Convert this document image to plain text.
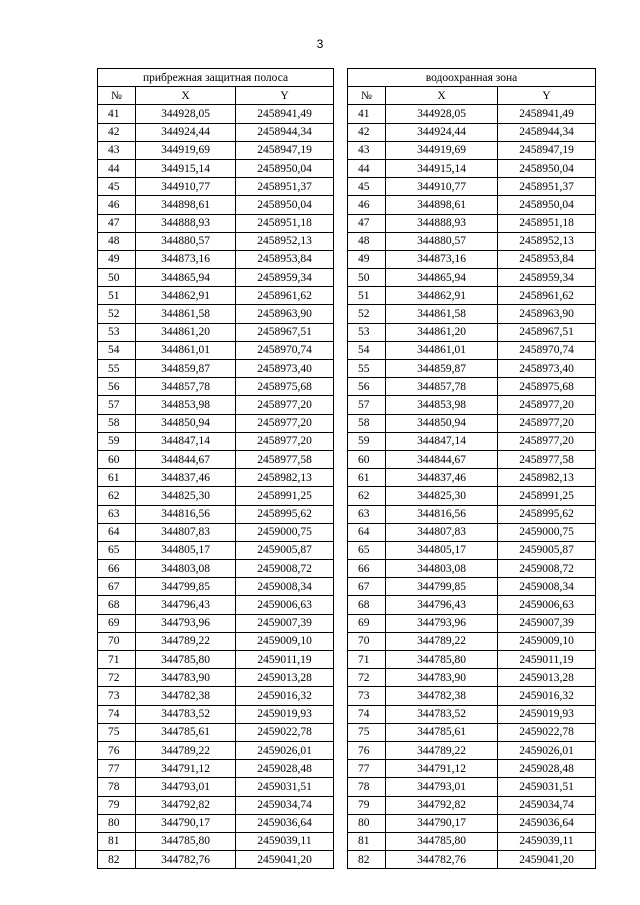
3
прибрежная защитная полоса				водоохранная зона		
№	X	Y		№	X	Y
41	344928,05	2458941,49		41	344928,05	2458941,49
42	344924,44	2458944,34		42	344924,44	2458944,34
43	344919,69	2458947,19		43	344919,69	2458947,19
44	344915,14	2458950,04		44	344915,14	2458950,04
45	344910,77	2458951,37		45	344910,77	2458951,37
46	344898,61	2458950,04		46	344898,61	2458950,04
47	344888,93	2458951,18		47	344888,93	2458951,18
48	344880,57	2458952,13		48	344880,57	2458952,13
49	344873,16	2458953,84		49	344873,16	2458953,84
50	344865,94	2458959,34		50	344865,94	2458959,34
51	344862,91	2458961,62		51	344862,91	2458961,62
52	344861,58	2458963,90		52	344861,58	2458963,90
53	344861,20	2458967,51		53	344861,20	2458967,51
54	344861,01	2458970,74		54	344861,01	2458970,74
55	344859,87	2458973,40		55	344859,87	2458973,40
56	344857,78	2458975,68		56	344857,78	2458975,68
57	344853,98	2458977,20		57	344853,98	2458977,20
58	344850,94	2458977,20		58	344850,94	2458977,20
59	344847,14	2458977,20		59	344847,14	2458977,20
60	344844,67	2458977,58		60	344844,67	2458977,58
61	344837,46	2458982,13		61	344837,46	2458982,13
62	344825,30	2458991,25		62	344825,30	2458991,25
63	344816,56	2458995,62		63	344816,56	2458995,62
64	344807,83	2459000,75		64	344807,83	2459000,75
65	344805,17	2459005,87		65	344805,17	2459005,87
66	344803,08	2459008,72		66	344803,08	2459008,72
67	344799,85	2459008,34		67	344799,85	2459008,34
68	344796,43	2459006,63		68	344796,43	2459006,63
69	344793,96	2459007,39		69	344793,96	2459007,39
70	344789,22	2459009,10		70	344789,22	2459009,10
71	344785,80	2459011,19		71	344785,80	2459011,19
72	344783,90	2459013,28		72	344783,90	2459013,28
73	344782,38	2459016,32		73	344782,38	2459016,32
74	344783,52	2459019,93		74	344783,52	2459019,93
75	344785,61	2459022,78		75	344785,61	2459022,78
76	344789,22	2459026,01		76	344789,22	2459026,01
77	344791,12	2459028,48		77	344791,12	2459028,48
78	344793,01	2459031,51		78	344793,01	2459031,51
79	344792,82	2459034,74		79	344792,82	2459034,74
80	344790,17	2459036,64		80	344790,17	2459036,64
81	344785,80	2459039,11		81	344785,80	2459039,11
82	344782,76	2459041,20		82	344782,76	2459041,20
